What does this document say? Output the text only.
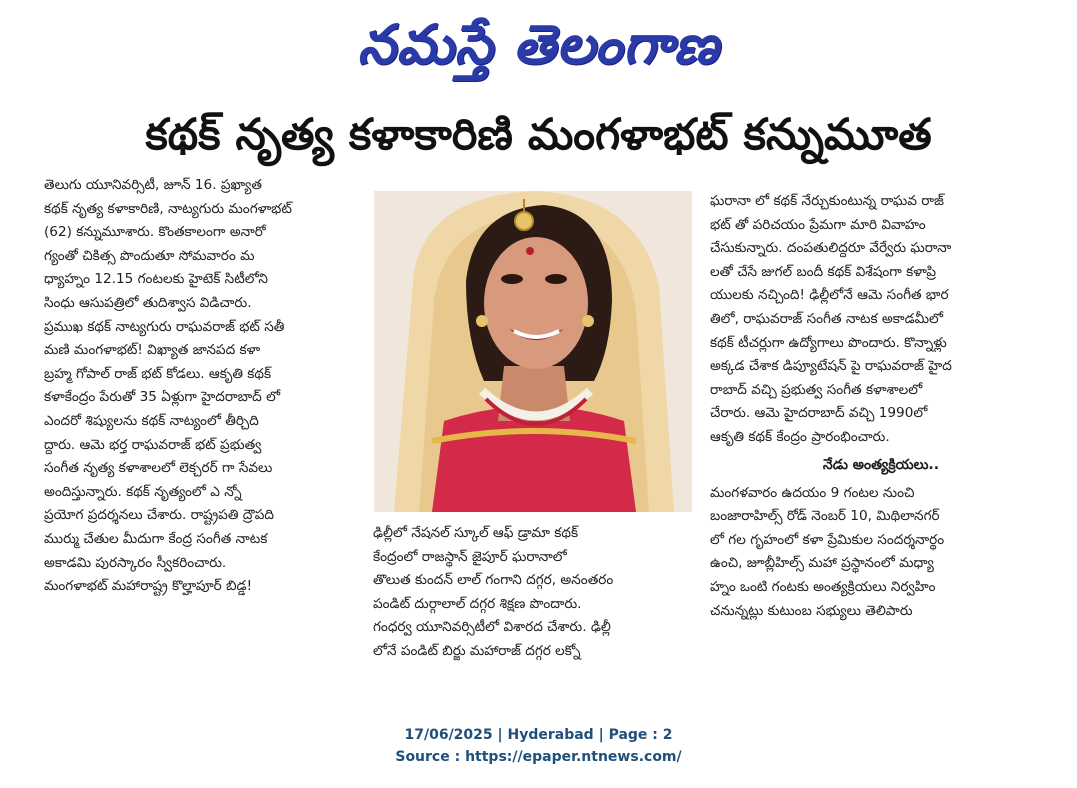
నమస్తే తెలంగాణ
కథక్ నృత్య కళాకారిణి మంగళాభట్ కన్నుమూత
తెలుగు యూనివర్సిటీ, జూన్ 16. ప్రఖ్యాత
కథక్ నృత్య కళాకారిణి, నాట్యగురు మంగళాభట్
(62) కన్నుమూశారు. కొంతకాలంగా అనారో
గ్యంతో చికిత్స పొందుతూ సోమవారం మ
ధ్యాహ్నం 12.15 గంటలకు హైటెక్ సిటీలోని
సింధు ఆసుపత్రిలో తుదిశ్వాస విడిచారు.
ప్రముఖ కథక్ నాట్యగురు రాఘవరాజ్ భట్ సతీ
మణి మంగళాభట్! విఖ్యాత జానపద కళా
బ్రహ్మ గోపాల్ రాజ్ భట్ కోడలు. ఆకృతి కథక్
కళాకేంద్రం పేరుతో 35 ఏళ్లుగా హైదరాబాద్ లో
ఎందరో శిష్యులను కథక్ నాట్యంలో తీర్చిది
ద్దారు. ఆమె భర్త రాఘవరాజ్ భట్ ప్రభుత్వ
సంగీత నృత్య కళాశాలలో లెక్చరర్ గా సేవలు
అందిస్తున్నారు. కథక్ నృత్యంలో ఎ న్నో
ప్రయోగ ప్రదర్శనలు చేశారు. రాష్ట్రపతి ద్రౌపది
ముర్ము చేతుల మీదుగా కేంద్ర సంగీత నాటక
అకాడమి పురస్కారం స్వీకరించారు.
మంగళాభట్ మహారాష్ట్ర కొల్హాపూర్ బిడ్డ!
ఢిల్లీలో నేషనల్ స్కూల్ ఆఫ్ డ్రామా కథక్
కేంద్రంలో రాజస్థాన్ జైపూర్ ఘరానాలో
తొలుత కుందన్ లాల్ గంగాని దగ్గర, అనంతరం
పండిట్ దుర్గాలాల్ దగ్గర శిక్షణ పొందారు.
గంధర్వ యూనివర్సిటీలో విశారద చేశారు. ఢిల్లీ
లోనే పండిట్ బిర్జు మహారాజ్ దగ్గర లక్నో
ఘరానా లో కథక్ నేర్చుకుంటున్న రాఘవ రాజ్
భట్ తో పరిచయం ప్రేమగా మారి వివాహం
చేసుకున్నారు. దంపతులిద్దరూ వేర్వేరు ఘరానా
లతో చేసే జుగల్ బందీ కథక్ విశేషంగా కళాప్రి
యులకు నచ్చింది! ఢిల్లీలోనే ఆమె సంగీత భార
తిలో, రాఘవరాజ్ సంగీత నాటక అకాడమీలో
కథక్ టీచర్లుగా ఉద్యోగాలు పొందారు. కొన్నాళ్లు
అక్కడ చేశాక డిప్యూటేషన్ పై రాఘవరాజ్ హైద
రాబాద్ వచ్చి ప్రభుత్వ సంగీత కళాశాలలో
చేరారు. ఆమె హైదరాబాద్ వచ్చి 1990లో
ఆకృతి కథక్ కేంద్రం ప్రారంభించారు.
నేడు అంత్యక్రియలు..
మంగళవారం ఉదయం 9 గంటల నుంచి
బంజారాహిల్స్ రోడ్ నెంబర్ 10, మిథిలానగర్
లో గల గృహంలో కళా ప్రేమికుల సందర్శనార్థం
ఉంచి, జూబ్లీహిల్స్ మహా ప్రస్థానంలో మధ్యా
హ్నం ఒంటి గంటకు అంత్యక్రియలు నిర్వహిం
చనున్నట్లు కుటుంబ సభ్యులు తెలిపారు
17/06/2025 | Hyderabad | Page : 2
Source : https://epaper.ntnews.com/
